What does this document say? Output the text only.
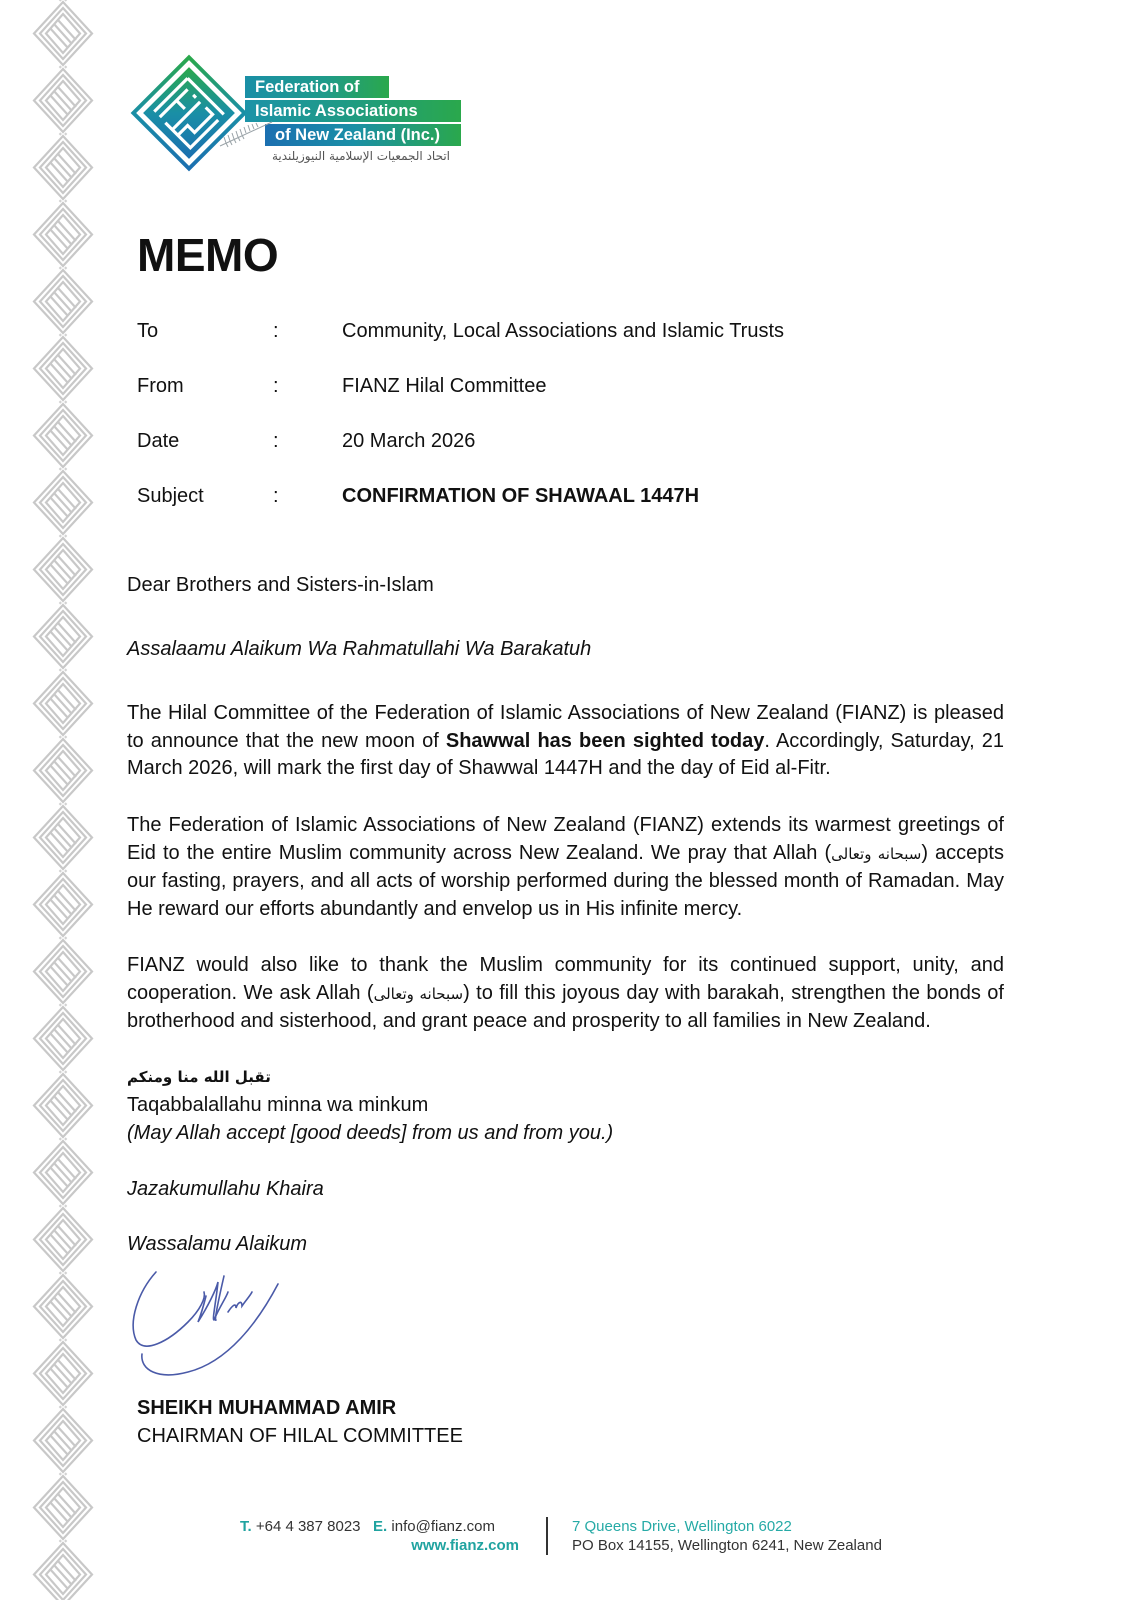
Federation of
Islamic Associations
of New Zealand (Inc.)
اتحاد الجمعيات الإسلامية النيوزيلندية
MEMO
To	:	Community, Local Associations and Islamic Trusts
From	:	FIANZ Hilal Committee
Date	:	20 March 2026
Subject	:	CONFIRMATION OF SHAWAAL 1447H
Dear Brothers and Sisters-in-Islam
Assalaamu Alaikum Wa Rahmatullahi Wa Barakatuh
The Hilal Committee of the Federation of Islamic Associations of New Zealand (FIANZ) is pleased to announce that the new moon of Shawwal has been sighted today. Accordingly, Saturday, 21 March 2026, will mark the first day of Shawwal 1447H and the day of Eid al-Fitr.
The Federation of Islamic Associations of New Zealand (FIANZ) extends its warmest greetings of Eid to the entire Muslim community across New Zealand. We pray that Allah (سبحانه وتعالى) accepts our fasting, prayers, and all acts of worship performed during the blessed month of Ramadan. May He reward our efforts abundantly and envelop us in His infinite mercy.
FIANZ would also like to thank the Muslim community for its continued support, unity, and cooperation. We ask Allah (سبحانه وتعالى) to fill this joyous day with barakah, strengthen the bonds of brotherhood and sisterhood, and grant peace and prosperity to all families in New Zealand.
تقبل الله منا ومنكم
Taqabbalallahu minna wa minkum
(May Allah accept [good deeds] from us and from you.)
Jazakumullahu Khaira
Wassalamu Alaikum
SHEIKH MUHAMMAD AMIR
CHAIRMAN OF HILAL COMMITTEE
T. +64 4 387 8023 E. info@fianz.com
www.fianz.com
7 Queens Drive, Wellington 6022
PO Box 14155, Wellington 6241, New Zealand
